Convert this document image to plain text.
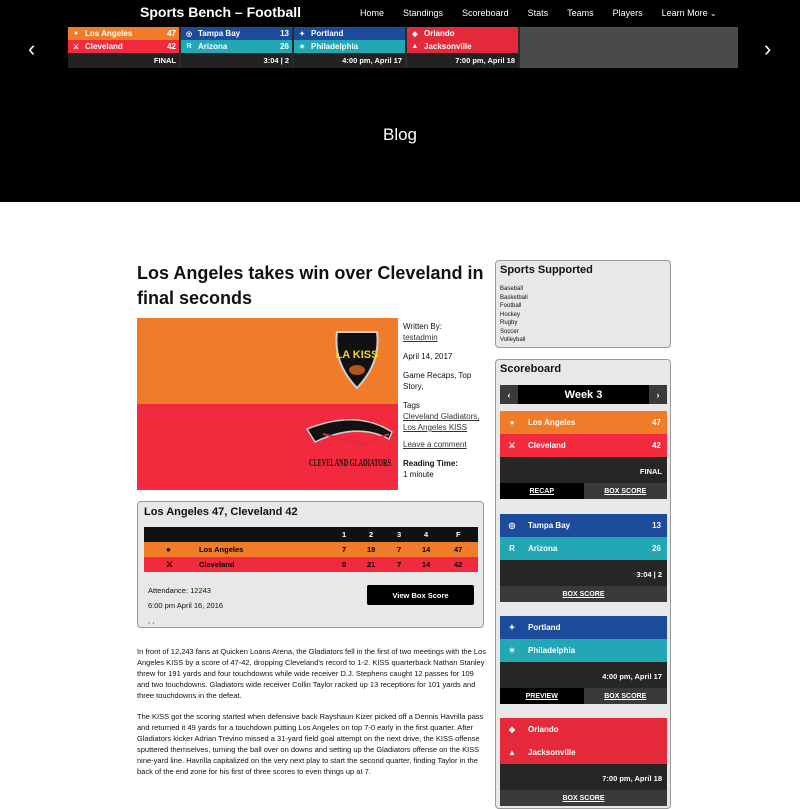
Sports Bench – Football	Home Standings Scoreboard Stats Teams Players Learn More ⌄
‹	›
● Los Angeles	47
⚔ Cleveland	42
FINAL
◎ Tampa Bay	13
R Arizona	26
3:04 | 2
✦ Portland
✶ Philadelphia
4:00 pm, April 17
◆ Orlando
▲ Jacksonville
7:00 pm, April 18
Blog
Los Angeles takes win over Cleveland in final seconds
LA KISS
CLEVELAND GLADIATORS
Written By:
testadmin
April 14, 2017
Game Recaps, Top Story,
Tags
Cleveland Gladiators,
Los Angeles KISS
Leave a comment
Reading Time:
1 minute
Los Angeles 47, Cleveland 42
1	2	3	4	F
●	Los Angeles	7	19	7	14	47
⚔	Cleveland	0	21	7	14	42
Attendance: 12243
6:00 pm April 16, 2016
, ,
View Box Score

In front of 12,243 fans at Quicken Loans Arena, the Gladiators fell in the first of two meetings with the Los Angeles KISS by a score of 47-42, dropping Cleveland's record to 1-2. KISS quarterback Nathan Stanley threw for 191 yards and four touchdowns while wide receiver D.J. Stephens caught 12 passes for 109 and two touchdowns. Gladiators wide receiver Collin Taylor racked up 13 receptions for 101 yards and three touchdowns in the defeat.

The KISS got the scoring started when defensive back Rayshaun Kizer picked off a Dennis Havrilla pass and returned it 49 yards for a touchdown putting Los Angeles on top 7-0 early in the first quarter. After Gladiators kicker Adrian Trevino missed a 31-yard field goal attempt on the next drive, the KISS offense sputtered themselves, turning the ball over on downs and setting up the Gladiators offense on the KISS nine-yard line. Havrilla capitalized on the very next play to start the second quarter, finding Taylor in the back of the end zone for his first of three scores to even things up at 7.

Sports Supported
Baseball
Basketball
Football
Hockey
Rugby
Soccer
Volleyball
Scoreboard
‹	Week 3	›
●	Los Angeles	47
⚔	Cleveland	42
FINAL
RECAP	BOX SCORE
◎	Tampa Bay	13
R	Arizona	26
3:04 | 2
BOX SCORE
✦	Portland
✶	Philadelphia
4:00 pm, April 17
PREVIEW	BOX SCORE
◆	Orlando
▲	Jacksonville
7:00 pm, April 18
BOX SCORE
